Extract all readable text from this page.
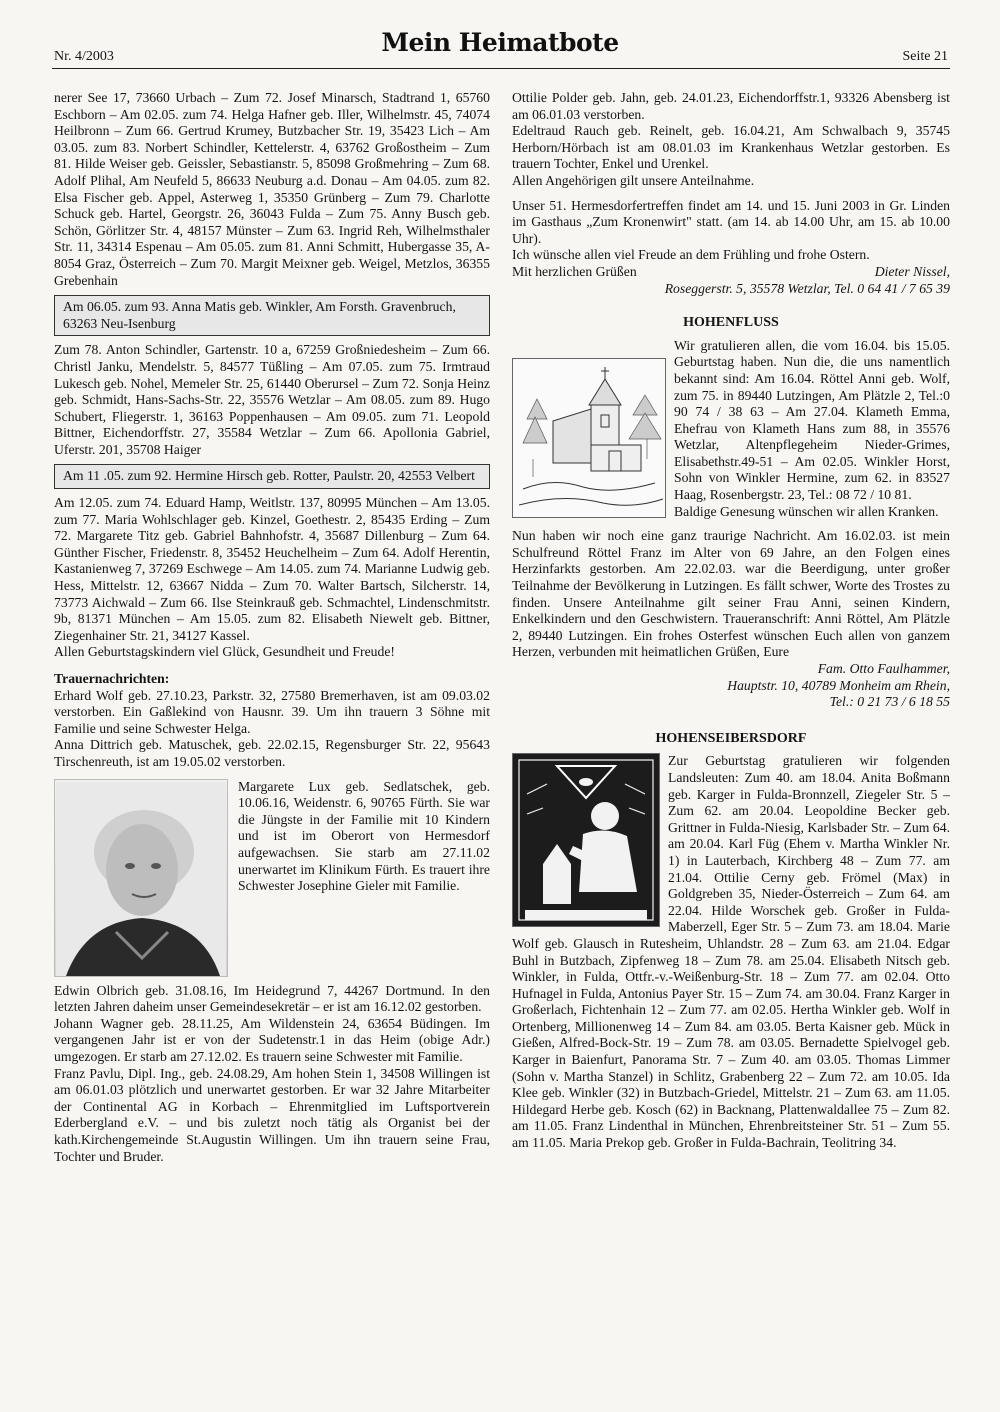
Nr. 4/2003	Mein Heimatbote	Seite 21

nerer See 17, 73660 Urbach – Zum 72. Josef Minarsch, Stadtrand 1, 65760 Eschborn – Am 02.05. zum 74. Helga Hafner geb. Iller, Wilhelmstr. 45, 74074 Heilbronn – Zum 66. Gertrud Krumey, Butzbacher Str. 19, 35423 Lich – Am 03.05. zum 83. Norbert Schindler, Kettelerstr. 4, 63762 Großostheim – Zum 81. Hilde Weiser geb. Geissler, Sebastianstr. 5, 85098 Großmehring – Zum 68. Adolf Plihal, Am Neufeld 5, 86633 Neuburg a.d. Donau – Am 04.05. zum 82. Elsa Fischer geb. Appel, Asterweg 1, 35350 Grünberg – Zum 79. Charlotte Schuck geb. Hartel, Georgstr. 26, 36043 Fulda – Zum 75. Anny Busch geb. Schön, Görlitzer Str. 4, 48157 Münster – Zum 63. Ingrid Reh, Wilhelmsthaler Str. 11, 34314 Espenau – Am 05.05. zum 81. Anni Schmitt, Hubergasse 35, A- 8054 Graz, Österreich – Zum 70. Margit Meixner geb. Weigel, Metzlos, 36355 Grebenhain

Am 06.05. zum 93. Anna Matis geb. Winkler, Am Forsth. Gravenbruch, 63263 Neu-Isenburg

Zum 78. Anton Schindler, Gartenstr. 10 a, 67259 Großniedesheim – Zum 66. Christl Janku, Mendelstr. 5, 84577 Tüßling – Am 07.05. zum 75. Irmtraud Lukesch geb. Nohel, Memeler Str. 25, 61440 Oberursel – Zum 72. Sonja Heinz geb. Schmidt, Hans-Sachs-Str. 22, 35576 Wetzlar – Am 08.05. zum 89. Hugo Schubert, Fliegerstr. 1, 36163 Poppenhausen – Am 09.05. zum 71. Leopold Bittner, Eichendorffstr. 27, 35584 Wetzlar – Zum 66. Apollonia Gabriel, Uferstr. 201, 35708 Haiger

Am 11 .05. zum 92. Hermine Hirsch geb. Rotter, Paulstr. 20, 42553 Velbert

Am 12.05. zum 74. Eduard Hamp, Weitlstr. 137, 80995 München – Am 13.05. zum 77. Maria Wohlschlager geb. Kinzel, Goethestr. 2, 85435 Erding – Zum 72. Margarete Titz geb. Gabriel Bahnhofstr. 4, 35687 Dillenburg – Zum 64. Günther Fischer, Friedenstr. 8, 35452 Heuchelheim – Zum 64. Adolf Herentin, Kastanienweg 7, 37269 Eschwege – Am 14.05. zum 74. Marianne Ludwig geb. Hess, Mittelstr. 12, 63667 Nidda – Zum 70. Walter Bartsch, Silcherstr. 14, 73773 Aichwald – Zum 66. Ilse Steinkrauß geb. Schmachtel, Lindenschmitstr. 9b, 81371 München – Am 15.05. zum 82. Elisabeth Niewelt geb. Bittner, Ziegenhainer Str. 21, 34127 Kassel.

Allen Geburtstagskindern viel Glück, Gesundheit und Freude!

Trauernachrichten:

Erhard Wolf geb. 27.10.23, Parkstr. 32, 27580 Bremerhaven, ist am 09.03.02 verstorben. Ein Gaßlekind von Hausnr. 39. Um ihn trauern 3 Söhne mit Familie und seine Schwester Helga.

Anna Dittrich geb. Matuschek, geb. 22.02.15, Regensburger Str. 22, 95643 Tirschenreuth, ist am 19.05.02 verstorben.

Margarete Lux geb. Sedlatschek, geb. 10.06.16, Weidenstr. 6, 90765 Fürth. Sie war die Jüngste in der Familie mit 10 Kindern und ist im Oberort von Hermesdorf aufgewachsen. Sie starb am 27.11.02 unerwartet im Klinikum Fürth. Es trauert ihre Schwester Josephine Gieler mit Familie.

Edwin Olbrich geb. 31.08.16, Im Heidegrund 7, 44267 Dortmund. In den letzten Jahren daheim unser Gemeindesekretär – er ist am 16.12.02 gestorben.

Johann Wagner geb. 28.11.25, Am Wildenstein 24, 63654 Büdingen. Im vergangenen Jahr ist er von der Sudetenstr.1 in das Heim (obige Adr.) umgezogen. Er starb am 27.12.02. Es trauern seine Schwester mit Familie.

Franz Pavlu, Dipl. Ing., geb. 24.08.29, Am hohen Stein 1, 34508 Willingen ist am 06.01.03 plötzlich und unerwartet gestorben. Er war 32 Jahre Mitarbeiter der Continental AG in Korbach – Ehrenmitglied im Luftsportverein Ederbergland e.V. – und bis zuletzt noch tätig als Organist bei der kath.Kirchengemeinde St.Augustin Willingen. Um ihn trauern seine Frau, Tochter und Bruder.

Ottilie Polder geb. Jahn, geb. 24.01.23, Eichendorffstr.1, 93326 Abensberg ist am 06.01.03 verstorben.

Edeltraud Rauch geb. Reinelt, geb. 16.04.21, Am Schwalbach 9, 35745 Herborn/Hörbach ist am 08.01.03 im Krankenhaus Wetzlar gestorben. Es trauern Tochter, Enkel und Urenkel.

Allen Angehörigen gilt unsere Anteilnahme.

Unser 51. Hermesdorfertreffen findet am 14. und 15. Juni 2003 in Gr. Linden im Gasthaus „Zum Kronenwirt" statt. (am 14. ab 14.00 Uhr, am 15. ab 10.00 Uhr).

Ich wünsche allen viel Freude an dem Frühling und frohe Ostern.

Mit herzlichen Grüßen	Dieter Nissel,

Roseggerstr. 5, 35578 Wetzlar, Tel. 0 64 41 / 7 65 39

HOHENFLUSS

Wir gratulieren allen, die vom 16.04. bis 15.05. Geburtstag haben. Nun die, die uns namentlich bekannt sind: Am 16.04. Röttel Anni geb. Wolf, zum 75. in 89440 Lutzingen, Am Plätzle 2, Tel.:0 90 74 / 38 63 – Am 27.04. Klameth Emma, Ehefrau von Klameth Hans zum 88, in 35576 Wetzlar, Altenpflegeheim Nieder-Grimes, Elisabethstr.49-51 – Am 02.05. Winkler Horst, Sohn von Winkler Hermine, zum 62. in 83527 Haag, Rosenbergstr. 23, Tel.: 08 72 / 10 81.

Baldige Genesung wünschen wir allen Kranken.

Nun haben wir noch eine ganz traurige Nachricht. Am 16.02.03. ist mein Schulfreund Röttel Franz im Alter von 69 Jahre, an den Folgen eines Herzinfarkts gestorben. Am 22.02.03. war die Beerdigung, unter großer Teilnahme der Bevölkerung in Lutzingen. Es fällt schwer, Worte des Trostes zu finden. Unsere Anteilnahme gilt seiner Frau Anni, seinen Kindern, Enkelkindern und den Geschwistern. Traueranschrift: Anni Röttel, Am Plätzle 2, 89440 Lutzingen. Ein frohes Osterfest wünschen Euch allen von ganzem Herzen, verbunden mit heimatlichen Grüßen, Eure

Fam. Otto Faulhammer,

Hauptstr. 10, 40789 Monheim am Rhein,

Tel.: 0 21 73 / 6 18 55

HOHENSEIBERSDORF

Zur Geburtstag gratulieren wir folgenden Landsleuten: Zum 40. am 18.04. Anita Boßmann geb. Karger in Fulda-Bronnzell, Ziegeler Str. 5 – Zum 62. am 20.04. Leopoldine Becker geb. Grittner in Fulda-Niesig, Karlsbader Str. – Zum 64. am 20.04. Karl Füg (Ehem v. Martha Winkler Nr. 1) in Lauterbach, Kirchberg 48 – Zum 77. am 21.04. Ottilie Cerny geb. Frömel (Max) in Goldgreben 35, Nieder-Österreich – Zum 64. am 22.04. Hilde Worschek geb. Großer in Fulda-Maberzell, Eger Str. 5 – Zum 73. am 18.04. Marie Wolf geb. Glausch in Rutesheim, Uhlandstr. 28 – Zum 63. am 21.04. Edgar Buhl in Butzbach, Zipfenweg 18 – Zum 78. am 25.04. Elisabeth Nitsch geb. Winkler, in Fulda, Ottfr.-v.-Weißenburg-Str. 18 – Zum 77. am 02.04. Otto Hufnagel in Fulda, Antonius Payer Str. 15 – Zum 74. am 30.04. Franz Karger in Großerlach, Fichtenhain 12 – Zum 77. am 02.05. Hertha Winkler geb. Wolf in Ortenberg, Millionenweg 14 – Zum 84. am 03.05. Berta Kaisner geb. Mück in Gießen, Alfred-Bock-Str. 19 – Zum 78. am 03.05. Bernadette Spielvogel geb. Karger in Baienfurt, Panorama Str. 7 – Zum 40. am 03.05. Thomas Limmer (Sohn v. Martha Stanzel) in Schlitz, Grabenberg 22 – Zum 72. am 10.05. Ida Klee geb. Winkler (32) in Butzbach-Griedel, Mittelstr. 21 – Zum 63. am 11.05. Hildegard Herbe geb. Kosch (62) in Backnang, Plattenwaldallee 75 – Zum 82. am 11.05. Franz Lindenthal in München, Ehrenbreitsteiner Str. 51 – Zum 55. am 11.05. Maria Prekop geb. Großer in Fulda-Bachrain, Teolitring 34.
